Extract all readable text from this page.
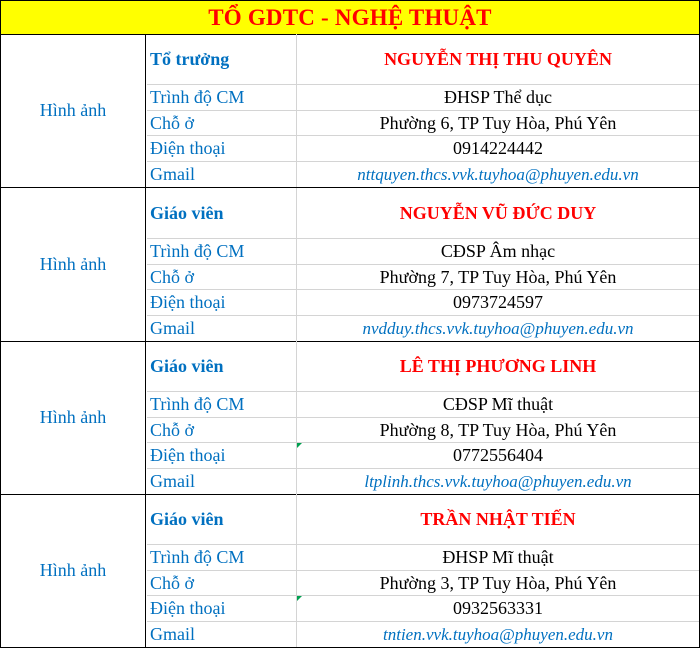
TỔ GDTC - NGHỆ THUẬT
Hình ảnh
Tổ trưởng	NGUYỄN THỊ THU QUYÊN
Trình độ CM	ĐHSP Thể dục
Chỗ ở	Phường 6, TP Tuy Hòa, Phú Yên
Điện thoại	0914224442
Gmail	nttquyen.thcs.vvk.tuyhoa@phuyen.edu.vn
Hình ảnh
Giáo viên	NGUYỄN VŨ ĐỨC DUY
Trình độ CM	CĐSP Âm nhạc
Chỗ ở	Phường 7, TP Tuy Hòa, Phú Yên
Điện thoại	0973724597
Gmail	nvdduy.thcs.vvk.tuyhoa@phuyen.edu.vn
Hình ảnh
Giáo viên	LÊ THỊ PHƯƠNG LINH
Trình độ CM	CĐSP Mĩ thuật
Chỗ ở	Phường 8, TP Tuy Hòa, Phú Yên
Điện thoại	0772556404
Gmail	ltplinh.thcs.vvk.tuyhoa@phuyen.edu.vn
Hình ảnh
Giáo viên	TRẦN NHẬT TIẾN
Trình độ CM	ĐHSP Mĩ thuật
Chỗ ở	Phường 3, TP Tuy Hòa, Phú Yên
Điện thoại	0932563331
Gmail	tntien.vvk.tuyhoa@phuyen.edu.vn
